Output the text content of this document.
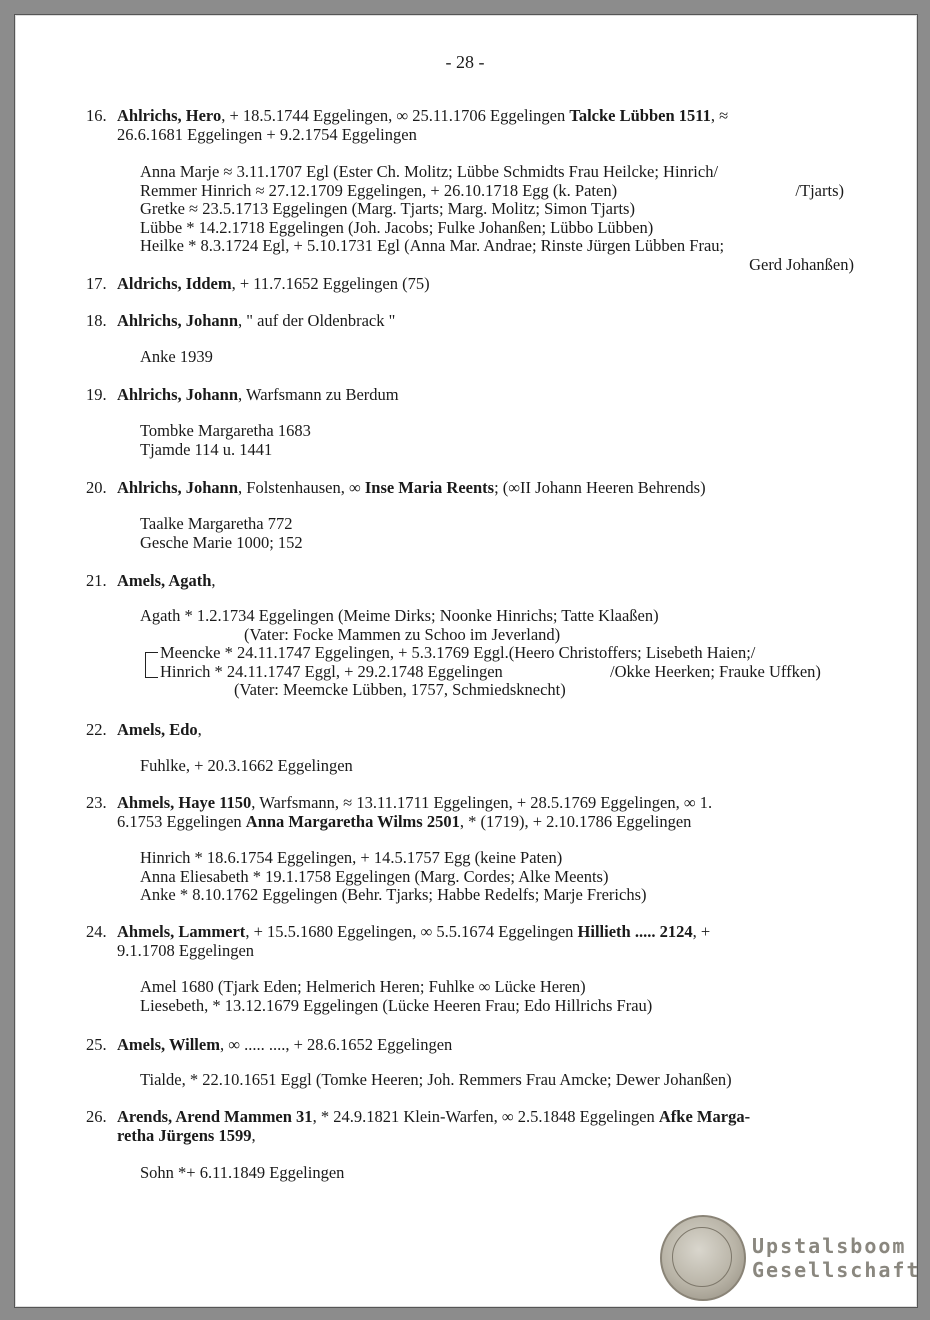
- 28 -
16. Ahlrichs, Hero, + 18.5.1744 Eggelingen, ∞ 25.11.1706 Eggelingen Talcke Lübben 1511, ≈
26.6.1681 Eggelingen + 9.2.1754 Eggelingen
Anna Marje ≈ 3.11.1707 Egl (Ester Ch. Molitz; Lübbe Schmidts Frau Heilcke; Hinrich/
Remmer Hinrich ≈ 27.12.1709 Eggelingen, + 26.10.1718 Egg (k. Paten)	/Tjarts)
Gretke ≈ 23.5.1713 Eggelingen (Marg. Tjarts; Marg. Molitz; Simon Tjarts)
Lübbe * 14.2.1718 Eggelingen (Joh. Jacobs; Fulke Johanßen; Lübbo Lübben)
Heilke * 8.3.1724 Egl, + 5.10.1731 Egl (Anna Mar. Andrae; Rinste Jürgen Lübben Frau;
Gerd Johanßen)
17. Aldrichs, Iddem, + 11.7.1652 Eggelingen (75)
18. Ahlrichs, Johann, " auf der Oldenbrack "
Anke 1939
19. Ahlrichs, Johann, Warfsmann zu Berdum
Tombke Margaretha 1683
Tjamde 114 u. 1441
20. Ahlrichs, Johann, Folstenhausen, ∞ Inse Maria Reents; (∞II Johann Heeren Behrends)
Taalke Margaretha 772
Gesche Marie 1000; 152
21. Amels, Agath,
Agath * 1.2.1734 Eggelingen (Meime Dirks; Noonke Hinrichs; Tatte Klaaßen)
(Vater: Focke Mammen zu Schoo im Jeverland)
Meencke * 24.11.1747 Eggelingen, + 5.3.1769 Eggl.(Heero Christoffers; Lisebeth Haien;/
Hinrich * 24.11.1747 Eggl, + 29.2.1748 Eggelingen	/Okke Heerken; Frauke Uffken)
(Vater: Meemcke Lübben, 1757, Schmiedsknecht)
22. Amels, Edo,
Fuhlke, + 20.3.1662 Eggelingen
23. Ahmels, Haye 1150, Warfsmann, ≈ 13.11.1711 Eggelingen, + 28.5.1769 Eggelingen, ∞ 1.
6.1753 Eggelingen Anna Margaretha Wilms 2501, * (1719), + 2.10.1786 Eggelingen
Hinrich * 18.6.1754 Eggelingen, + 14.5.1757 Egg (keine Paten)
Anna Eliesabeth * 19.1.1758 Eggelingen (Marg. Cordes; Alke Meents)
Anke * 8.10.1762 Eggelingen (Behr. Tjarks; Habbe Redelfs; Marje Frerichs)
24. Ahmels, Lammert, + 15.5.1680 Eggelingen, ∞ 5.5.1674 Eggelingen Hillieth ..... 2124, +
9.1.1708 Eggelingen
Amel 1680 (Tjark Eden; Helmerich Heren; Fuhlke ∞ Lücke Heren)
Liesebeth, * 13.12.1679 Eggelingen (Lücke Heeren Frau; Edo Hillrichs Frau)
25. Amels, Willem, ∞ ..... ...., + 28.6.1652 Eggelingen
Tialde, * 22.10.1651 Eggl (Tomke Heeren; Joh. Remmers Frau Amcke; Dewer Johanßen)
26. Arends, Arend Mammen 31, * 24.9.1821 Klein-Warfen, ∞ 2.5.1848 Eggelingen Afke Marga-
retha Jürgens 1599,
Sohn *+ 6.11.1849 Eggelingen
Upstalsboom
Gesellschaft
